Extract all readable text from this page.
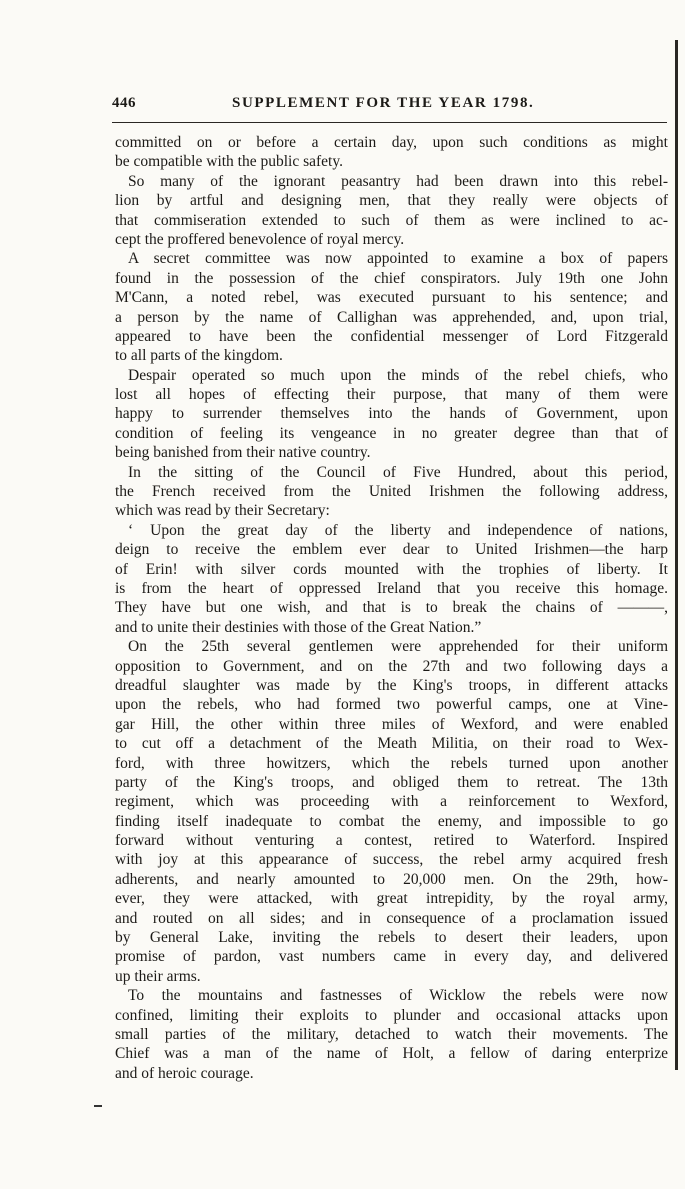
446	SUPPLEMENT FOR THE YEAR 1798.
committed on or before a certain day, upon such conditions as might
be compatible with the public safety.
So many of the ignorant peasantry had been drawn into this rebel-
lion by artful and designing men, that they really were objects of
that commiseration extended to such of them as were inclined to ac-
cept the proffered benevolence of royal mercy.
A secret committee was now appointed to examine a box of papers
found in the possession of the chief conspirators. July 19th one John
M'Cann, a noted rebel, was executed pursuant to his sentence; and
a person by the name of Callighan was apprehended, and, upon trial,
appeared to have been the confidential messenger of Lord Fitzgerald
to all parts of the kingdom.
Despair operated so much upon the minds of the rebel chiefs, who
lost all hopes of effecting their purpose, that many of them were
happy to surrender themselves into the hands of Government, upon
condition of feeling its vengeance in no greater degree than that of
being banished from their native country.
In the sitting of the Council of Five Hundred, about this period,
the French received from the United Irishmen the following address,
which was read by their Secretary:
‘ Upon the great day of the liberty and independence of nations,
deign to receive the emblem ever dear to United Irishmen—the harp
of Erin! with silver cords mounted with the trophies of liberty. It
is from the heart of oppressed Ireland that you receive this homage.
They have but one wish, and that is to break the chains of ———,
and to unite their destinies with those of the Great Nation.”
On the 25th several gentlemen were apprehended for their uniform
opposition to Government, and on the 27th and two following days a
dreadful slaughter was made by the King's troops, in different attacks
upon the rebels, who had formed two powerful camps, one at Vine-
gar Hill, the other within three miles of Wexford, and were enabled
to cut off a detachment of the Meath Militia, on their road to Wex-
ford, with three howitzers, which the rebels turned upon another
party of the King's troops, and obliged them to retreat. The 13th
regiment, which was proceeding with a reinforcement to Wexford,
finding itself inadequate to combat the enemy, and impossible to go
forward without venturing a contest, retired to Waterford. Inspired
with joy at this appearance of success, the rebel army acquired fresh
adherents, and nearly amounted to 20,000 men. On the 29th, how-
ever, they were attacked, with great intrepidity, by the royal army,
and routed on all sides; and in consequence of a proclamation issued
by General Lake, inviting the rebels to desert their leaders, upon
promise of pardon, vast numbers came in every day, and delivered
up their arms.
To the mountains and fastnesses of Wicklow the rebels were now
confined, limiting their exploits to plunder and occasional attacks upon
small parties of the military, detached to watch their movements. The
Chief was a man of the name of Holt, a fellow of daring enterprize
and of heroic courage.
